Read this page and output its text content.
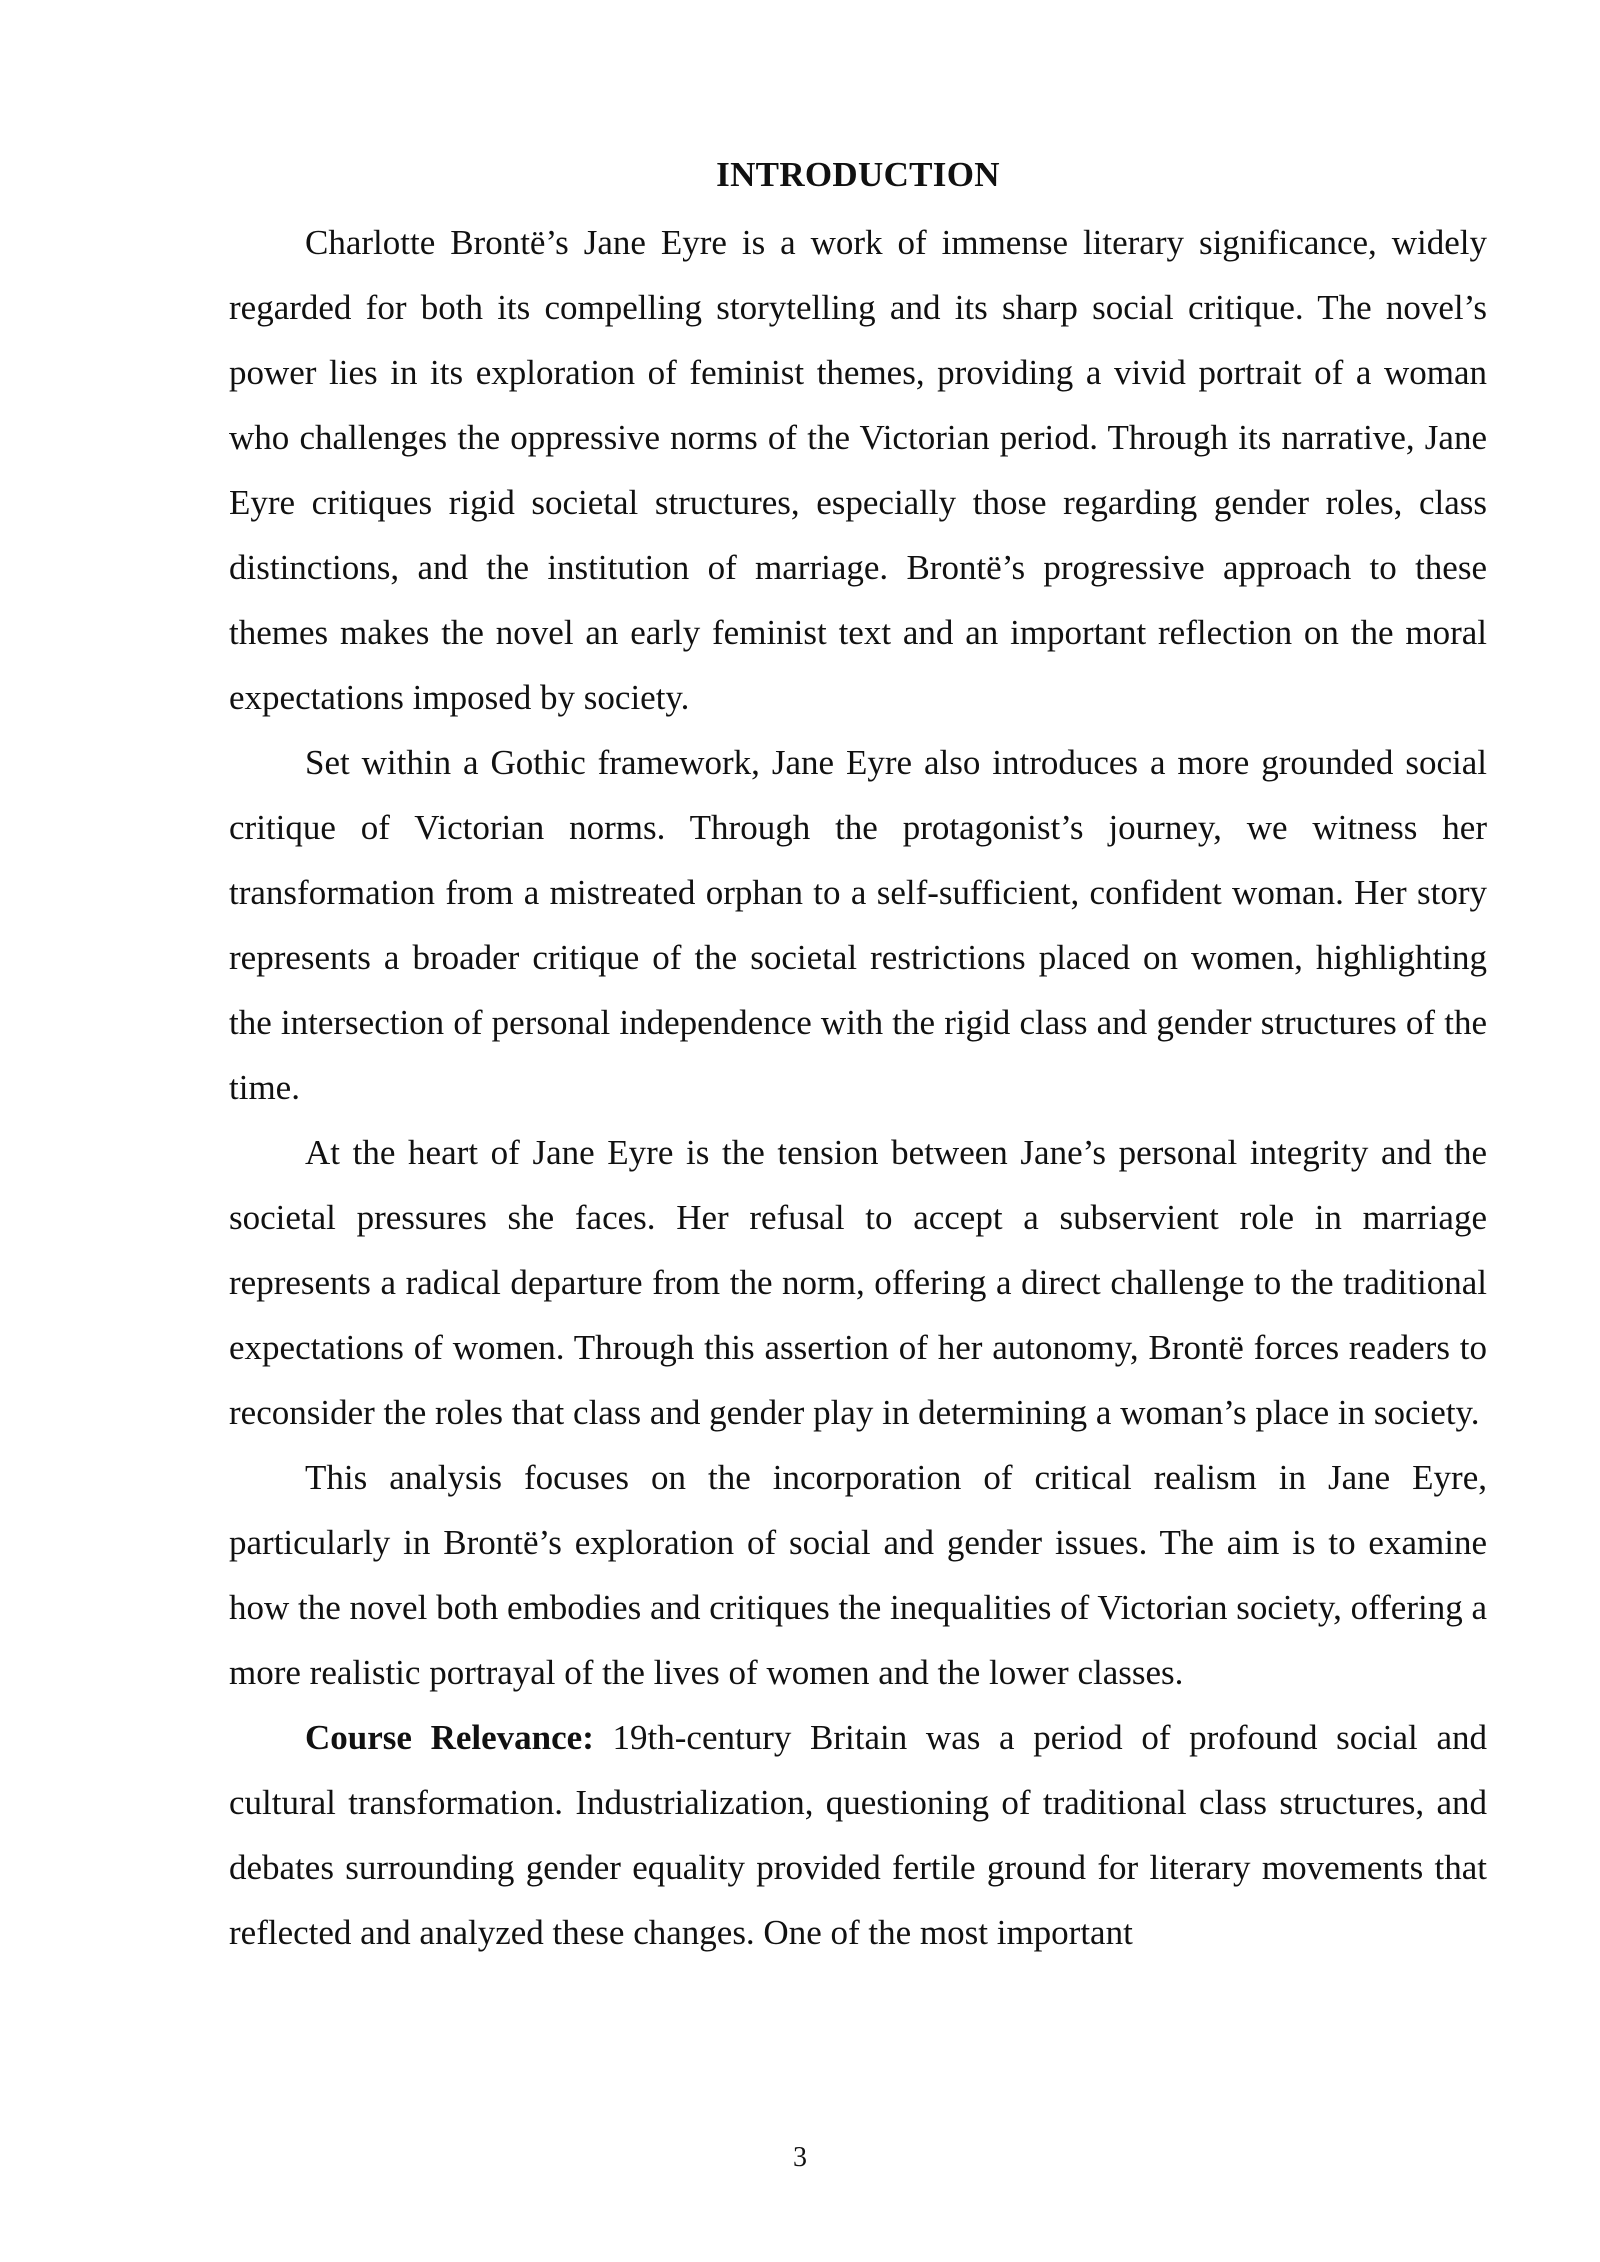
INTRODUCTION

Charlotte Brontë’s Jane Eyre is a work of immense literary significance, widely regarded for both its compelling storytelling and its sharp social critique. The novel’s power lies in its exploration of feminist themes, providing a vivid portrait of a woman who challenges the oppressive norms of the Victorian period. Through its narrative, Jane Eyre critiques rigid societal structures, especially those regarding gender roles, class distinctions, and the institution of marriage. Brontë’s progressive approach to these themes makes the novel an early feminist text and an important reflection on the moral expectations imposed by society.

Set within a Gothic framework, Jane Eyre also introduces a more grounded social critique of Victorian norms. Through the protagonist’s journey, we witness her transformation from a mistreated orphan to a self-sufficient, confident woman. Her story represents a broader critique of the societal restrictions placed on women, highlighting the intersection of personal independence with the rigid class and gender structures of the time.

At the heart of Jane Eyre is the tension between Jane’s personal integrity and the societal pressures she faces. Her refusal to accept a subservient role in marriage represents a radical departure from the norm, offering a direct challenge to the traditional expectations of women. Through this assertion of her autonomy, Brontë forces readers to reconsider the roles that class and gender play in determining a woman’s place in society.

This analysis focuses on the incorporation of critical realism in Jane Eyre, particularly in Brontë’s exploration of social and gender issues. The aim is to examine how the novel both embodies and critiques the inequalities of Victorian society, offering a more realistic portrayal of the lives of women and the lower classes.

Course Relevance: 19th-century Britain was a period of profound social and cultural transformation. Industrialization, questioning of traditional class structures, and debates surrounding gender equality provided fertile ground for literary movements that reflected and analyzed these changes. One of the most important

3
